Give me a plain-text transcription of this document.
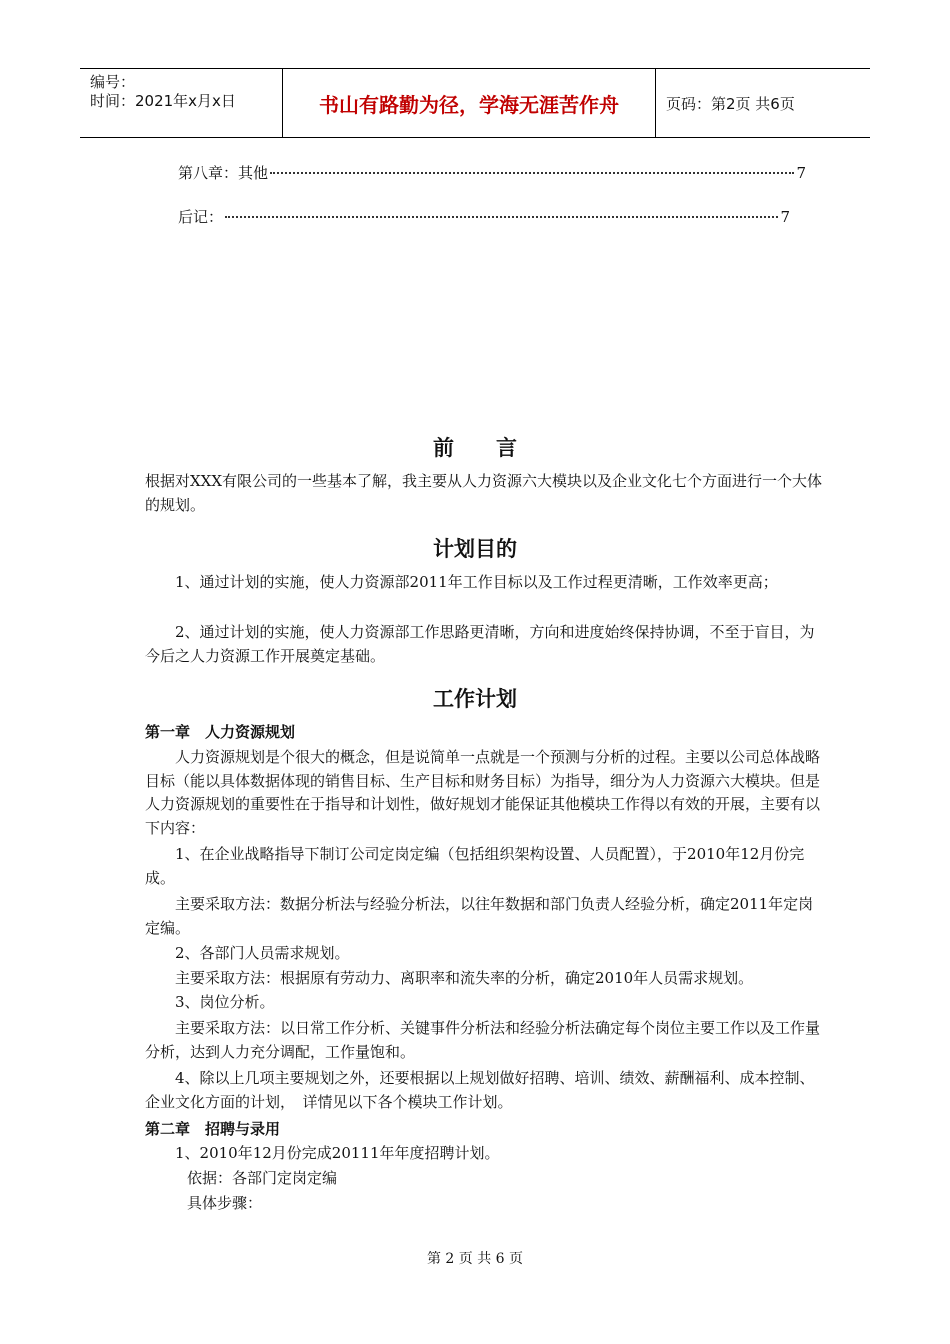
编号：
时间：2021年x月x日	书山有路勤为径，学海无涯苦作舟	页码：第2页 共6页
第八章：其他	7
后记：	7
前　　言
根据对XXX有限公司的一些基本了解，我主要从人力资源六大模块以及企业文化七个方面进行一个大体的规划。
计划目的
1、通过计划的实施，使人力资源部2011年工作目标以及工作过程更清晰，工作效率更高；
2、通过计划的实施，使人力资源部工作思路更清晰，方向和进度始终保持协调，不至于盲目，为今后之人力资源工作开展奠定基础。
工作计划
第一章　人力资源规划
人力资源规划是个很大的概念，但是说简单一点就是一个预测与分析的过程。主要以公司总体战略目标（能以具体数据体现的销售目标、生产目标和财务目标）为指导，细分为人力资源六大模块。但是人力资源规划的重要性在于指导和计划性，做好规划才能保证其他模块工作得以有效的开展，主要有以下内容：
1、在企业战略指导下制订公司定岗定编（包括组织架构设置、人员配置），于2010年12月份完成。
主要采取方法：数据分析法与经验分析法，以往年数据和部门负责人经验分析，确定2011年定岗定编。
2、各部门人员需求规划。
主要采取方法：根据原有劳动力、离职率和流失率的分析，确定2010年人员需求规划。
3、岗位分析。
主要采取方法：以日常工作分析、关键事件分析法和经验分析法确定每个岗位主要工作以及工作量分析，达到人力充分调配，工作量饱和。
4、除以上几项主要规划之外，还要根据以上规划做好招聘、培训、绩效、薪酬福利、成本控制、企业文化方面的计划，　详情见以下各个模块工作计划。
第二章　招聘与录用
1、2010年12月份完成20111年年度招聘计划。
依据：各部门定岗定编
具体步骤：
第 2 页 共 6 页
